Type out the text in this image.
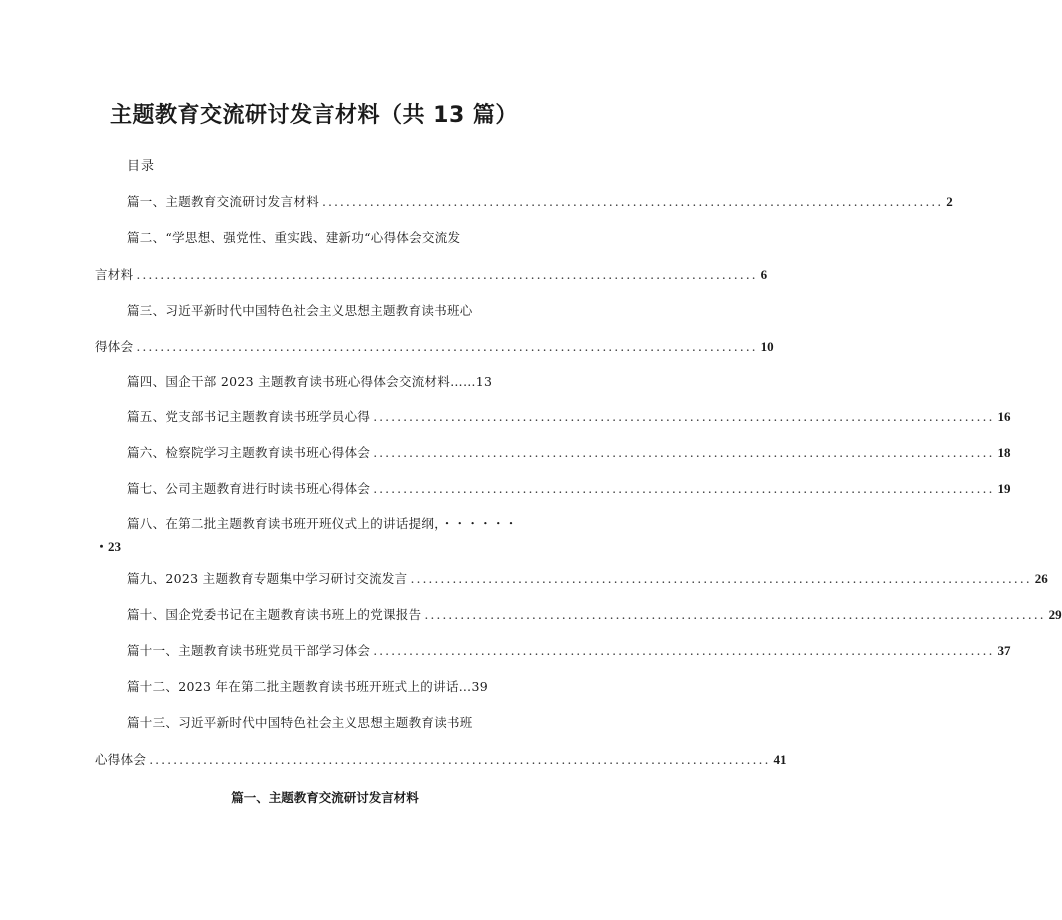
主题教育交流研讨发言材料（共 13 篇）
目录
篇一、主题教育交流研讨发言材料 ........................................................................................................ 2
篇二、“学思想、强党性、重实践、建新功“心得体会交流发
言材料 ........................................................................................................ 6
篇三、习近平新时代中国特色社会主义思想主题教育读书班心
得体会 ........................................................................................................ 10
篇四、国企干部 2023 主题教育读书班心得体会交流材料……13
篇五、党支部书记主题教育读书班学员心得 ........................................................................................................ 16
篇六、检察院学习主题教育读书班心得体会 ........................................................................................................ 18
篇七、公司主题教育进行时读书班心得体会 ........................................................................................................ 19
篇八、在第二批主题教育读书班开班仪式上的讲话提纲，・・・・・・
・23
篇九、2023 主题教育专题集中学习研讨交流发言 ........................................................................................................ 26
篇十、国企党委书记在主题教育读书班上的党课报告 ........................................................................................................ 29
篇十一、主题教育读书班党员干部学习体会 ........................................................................................................ 37
篇十二、2023 年在第二批主题教育读书班开班式上的讲话…39
篇十三、习近平新时代中国特色社会主义思想主题教育读书班
心得体会 ........................................................................................................ 41
篇一、主题教育交流研讨发言材料
